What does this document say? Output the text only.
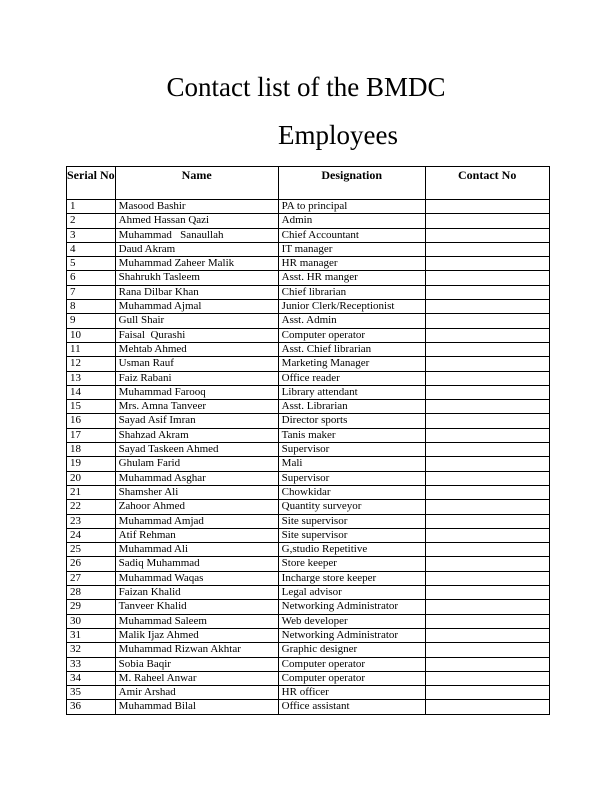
Contact list of the BMDC
Employees
Serial No	Name	Designation	Contact No
1	Masood Bashir	PA to principal	
2	Ahmed Hassan Qazi	Admin	
3	Muhammad   Sanaullah	Chief Accountant	
4	Daud Akram	IT manager	
5	Muhammad Zaheer Malik	HR manager	
6	Shahrukh Tasleem	Asst. HR manger	
7	Rana Dilbar Khan	Chief librarian	
8	Muhammad Ajmal	Junior Clerk/Receptionist	
9	Gull Shair	Asst. Admin	
10	Faisal  Qurashi	Computer operator	
11	Mehtab Ahmed	Asst. Chief librarian	
12	Usman Rauf	Marketing Manager	
13	Faiz Rabani	Office reader	
14	Muhammad Farooq	Library attendant	
15	Mrs. Amna Tanveer	Asst. Librarian	
16	Sayad Asif Imran	Director sports	
17	Shahzad Akram	Tanis maker	
18	Sayad Taskeen Ahmed	Supervisor	
19	Ghulam Farid	Mali	
20	Muhammad Asghar	Supervisor	
21	Shamsher Ali	Chowkidar	
22	Zahoor Ahmed	Quantity surveyor	
23	Muhammad Amjad	Site supervisor	
24	Atif Rehman	Site supervisor	
25	Muhammad Ali	G,studio Repetitive	
26	Sadiq Muhammad	Store keeper	
27	Muhammad Waqas	Incharge store keeper	
28	Faizan Khalid	Legal advisor	
29	Tanveer Khalid	Networking Administrator	
30	Muhammad Saleem	Web developer	
31	Malik Ijaz Ahmed	Networking Administrator	
32	Muhammad Rizwan Akhtar	Graphic designer	
33	Sobia Baqir	Computer operator	
34	M. Raheel Anwar	Computer operator	
35	Amir Arshad	HR officer	
36	Muhammad Bilal	Office assistant	
